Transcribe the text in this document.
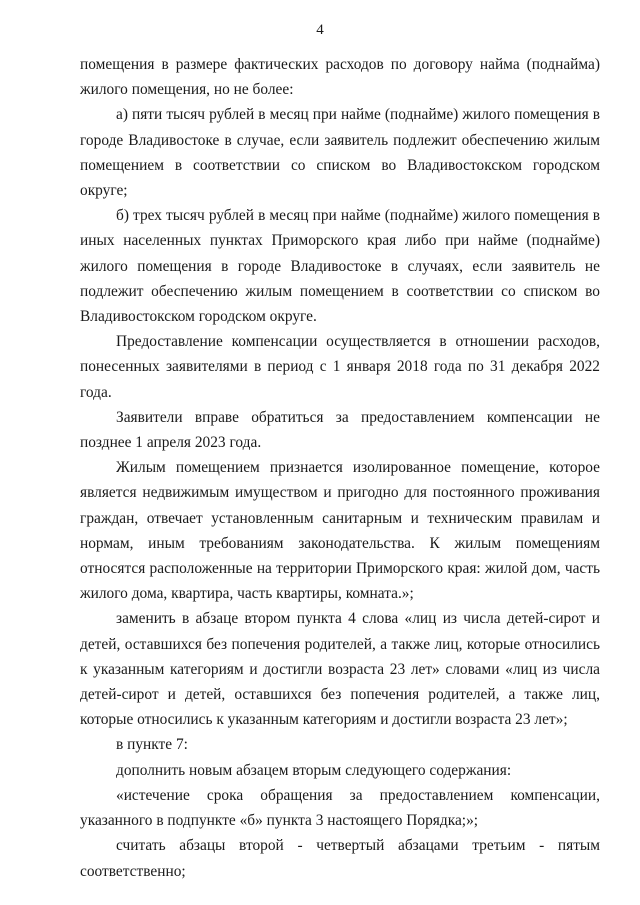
4

помещения в размере фактических расходов по договору найма (поднайма) жилого помещения, но не более:

а) пяти тысяч рублей в месяц при найме (поднайме) жилого помещения в городе Владивостоке в случае, если заявитель подлежит обеспечению жилым помещением в соответствии со списком во Владивостокском городском округе;

б) трех тысяч рублей в месяц при найме (поднайме) жилого помещения в иных населенных пунктах Приморского края либо при найме (поднайме) жилого помещения в городе Владивостоке в случаях, если заявитель не подлежит обеспечению жилым помещением в соответствии со списком во Владивостокском городском округе.

Предоставление компенсации осуществляется в отношении расходов, понесенных заявителями в период с 1 января 2018 года по 31 декабря 2022 года.

Заявители вправе обратиться за предоставлением компенсации не позднее 1 апреля 2023 года.

Жилым помещением признается изолированное помещение, которое является недвижимым имуществом и пригодно для постоянного проживания граждан, отвечает установленным санитарным и техническим правилам и нормам, иным требованиям законодательства. К жилым помещениям относятся расположенные на территории Приморского края: жилой дом, часть жилого дома, квартира, часть квартиры, комната.»;

заменить в абзаце втором пункта 4 слова «лиц из числа детей-сирот и детей, оставшихся без попечения родителей, а также лиц, которые относились к указанным категориям и достигли возраста 23 лет» словами «лиц из числа детей-сирот и детей, оставшихся без попечения родителей, а также лиц, которые относились к указанным категориям и достигли возраста 23 лет»;

в пункте 7:

дополнить новым абзацем вторым следующего содержания:

«истечение срока обращения за предоставлением компенсации, указанного в подпункте «б» пункта 3 настоящего Порядка;»;

считать абзацы второй - четвертый абзацами третьим - пятым соответственно;
